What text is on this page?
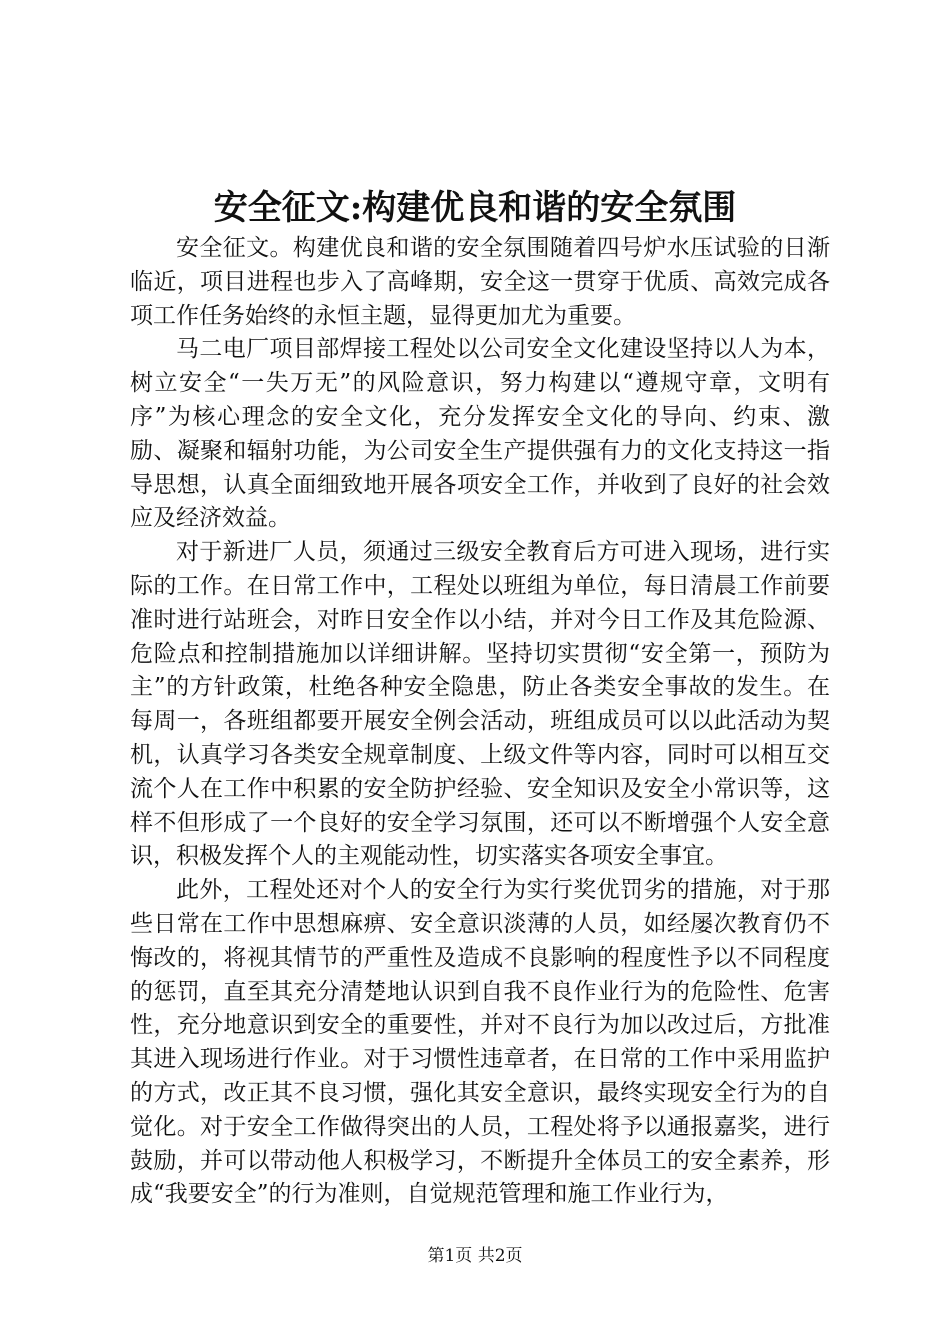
安全征文:构建优良和谐的安全氛围

安全征文。构建优良和谐的安全氛围随着四号炉水压试验的日渐临近，项目进程也步入了高峰期，安全这一贯穿于优质、高效完成各项工作任务始终的永恒主题，显得更加尤为重要。

马二电厂项目部焊接工程处以公司安全文化建设坚持以人为本，树立安全“一失万无”的风险意识，努力构建以“遵规守章，文明有序”为核心理念的安全文化，充分发挥安全文化的导向、约束、激励、凝聚和辐射功能，为公司安全生产提供强有力的文化支持这一指导思想，认真全面细致地开展各项安全工作，并收到了良好的社会效应及经济效益。

对于新进厂人员，须通过三级安全教育后方可进入现场，进行实际的工作。在日常工作中，工程处以班组为单位，每日清晨工作前要准时进行站班会，对昨日安全作以小结，并对今日工作及其危险源、危险点和控制措施加以详细讲解。坚持切实贯彻“安全第一，预防为主”的方针政策，杜绝各种安全隐患，防止各类安全事故的发生。在每周一，各班组都要开展安全例会活动，班组成员可以以此活动为契机，认真学习各类安全规章制度、上级文件等内容，同时可以相互交流个人在工作中积累的安全防护经验、安全知识及安全小常识等，这样不但形成了一个良好的安全学习氛围，还可以不断增强个人安全意识，积极发挥个人的主观能动性，切实落实各项安全事宜。

此外，工程处还对个人的安全行为实行奖优罚劣的措施，对于那些日常在工作中思想麻痹、安全意识淡薄的人员，如经屡次教育仍不悔改的，将视其情节的严重性及造成不良影响的程度性予以不同程度的惩罚，直至其充分清楚地认识到自我不良作业行为的危险性、危害性，充分地意识到安全的重要性，并对不良行为加以改过后，方批准其进入现场进行作业。对于习惯性违章者，在日常的工作中采用监护的方式，改正其不良习惯，强化其安全意识，最终实现安全行为的自觉化。对于安全工作做得突出的人员，工程处将予以通报嘉奖，进行鼓励，并可以带动他人积极学习，不断提升全体员工的安全素养，形成“我要安全”的行为准则，自觉规范管理和施工作业行为，

第1页 共2页
